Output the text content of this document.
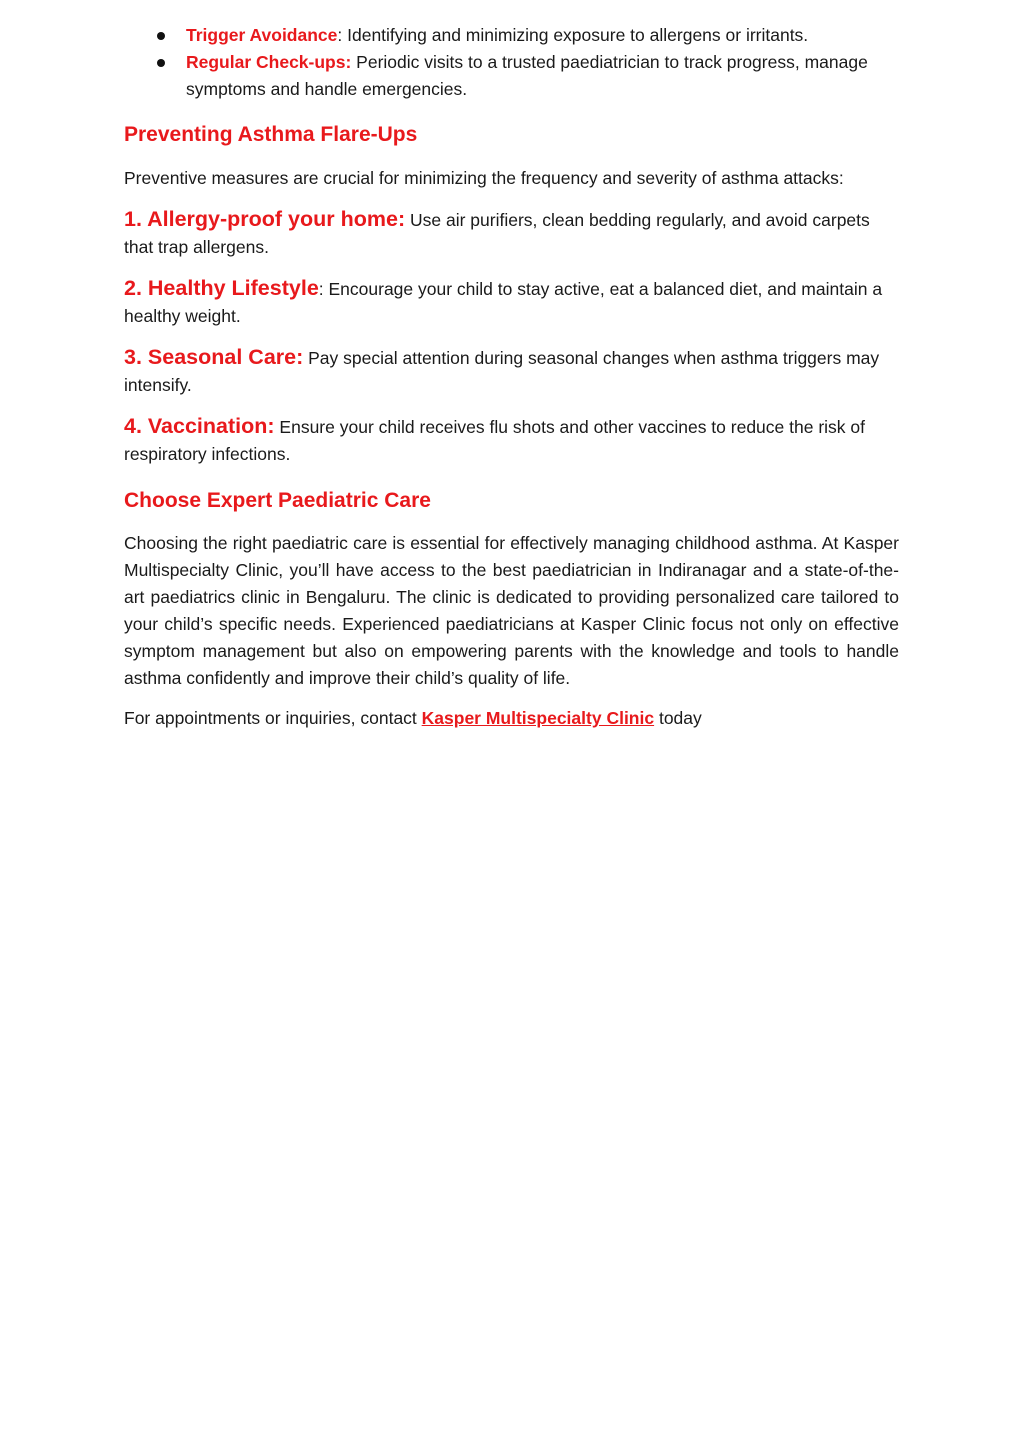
Trigger Avoidance: Identifying and minimizing exposure to allergens or irritants.
Regular Check-ups: Periodic visits to a trusted paediatrician to track progress, manage symptoms and handle emergencies.
Preventing Asthma Flare-Ups

Preventive measures are crucial for minimizing the frequency and severity of asthma attacks:

1. Allergy-proof your home: Use air purifiers, clean bedding regularly, and avoid carpets that trap allergens.

2. Healthy Lifestyle: Encourage your child to stay active, eat a balanced diet, and maintain a healthy weight.

3. Seasonal Care: Pay special attention during seasonal changes when asthma triggers may intensify.

4. Vaccination: Ensure your child receives flu shots and other vaccines to reduce the risk of respiratory infections.

Choose Expert Paediatric Care

Choosing the right paediatric care is essential for effectively managing childhood asthma. At Kasper Multispecialty Clinic, you’ll have access to the best paediatrician in Indiranagar and a state-of-the-art paediatrics clinic in Bengaluru. The clinic is dedicated to providing personalized care tailored to your child’s specific needs. Experienced paediatricians at Kasper Clinic focus not only on effective symptom management but also on empowering parents with the knowledge and tools to handle asthma confidently and improve their child’s quality of life.

For appointments or inquiries, contact Kasper Multispecialty Clinic today
